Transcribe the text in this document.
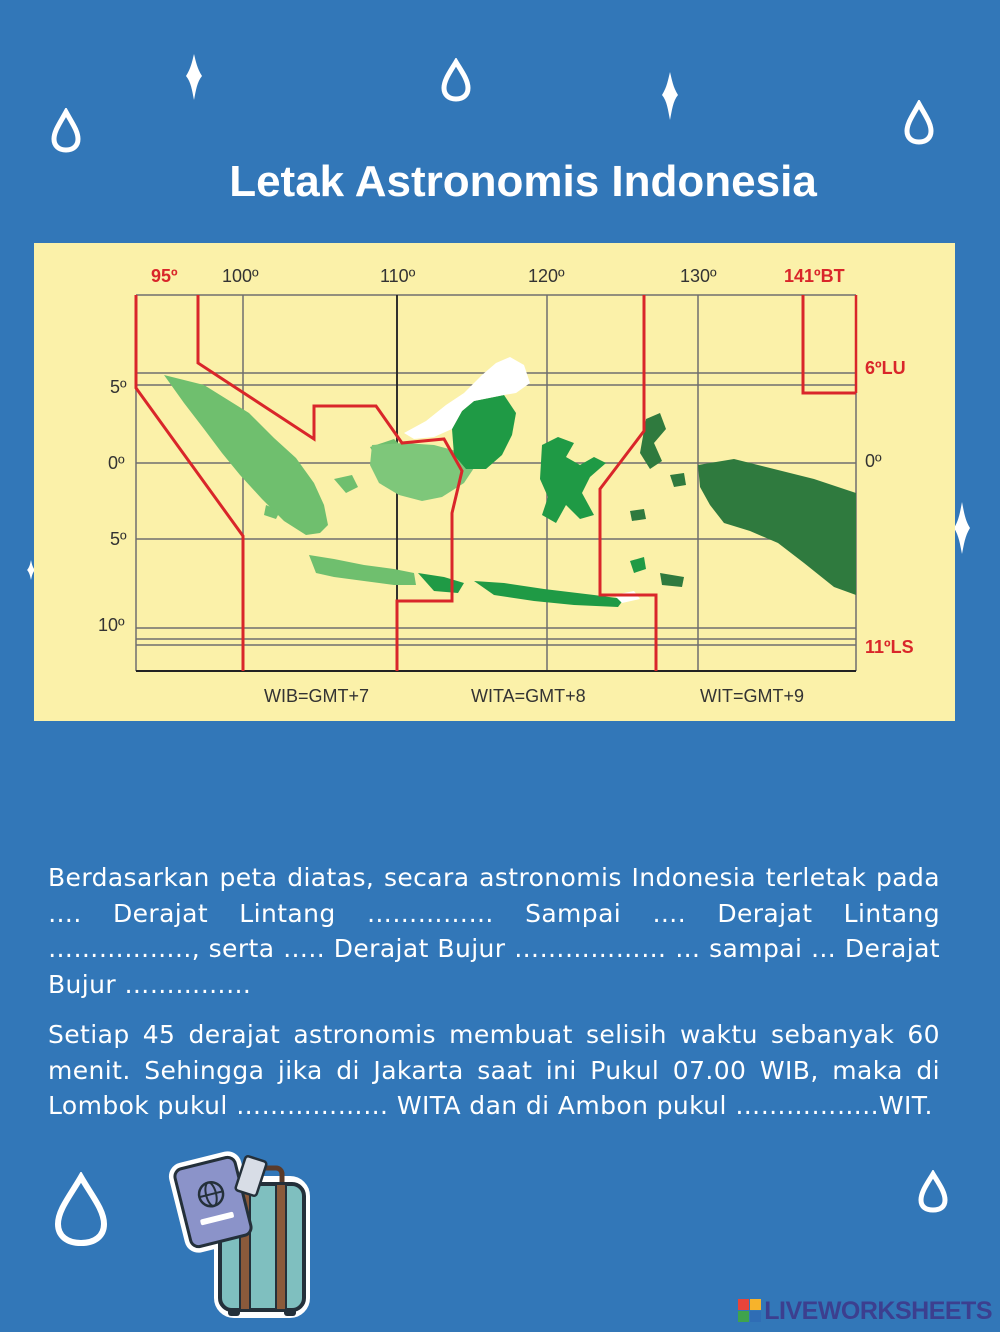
Letak Astronomis Indonesia
95º 100º	110º	120º	130º	141ºBT
5º
0º
5º
10º
6ºLU
0º
11ºLS
WIB=GMT+7	WITA=GMT+8	WIT=GMT+9
Berdasarkan peta diatas, secara astronomis Indonesia terletak pada …. Derajat Lintang …………… Sampai …. Derajat Lintang …………….., serta ….. Derajat Bujur ……………… … sampai … Derajat Bujur ……………
Setiap 45 derajat astronomis membuat selisih waktu sebanyak 60 menit. Sehingga jika di Jakarta saat ini Pukul 07.00 WIB, maka di Lombok pukul ……………… WITA dan di Ambon pukul ……………..WIT.
LIVEWORKSHEETS
